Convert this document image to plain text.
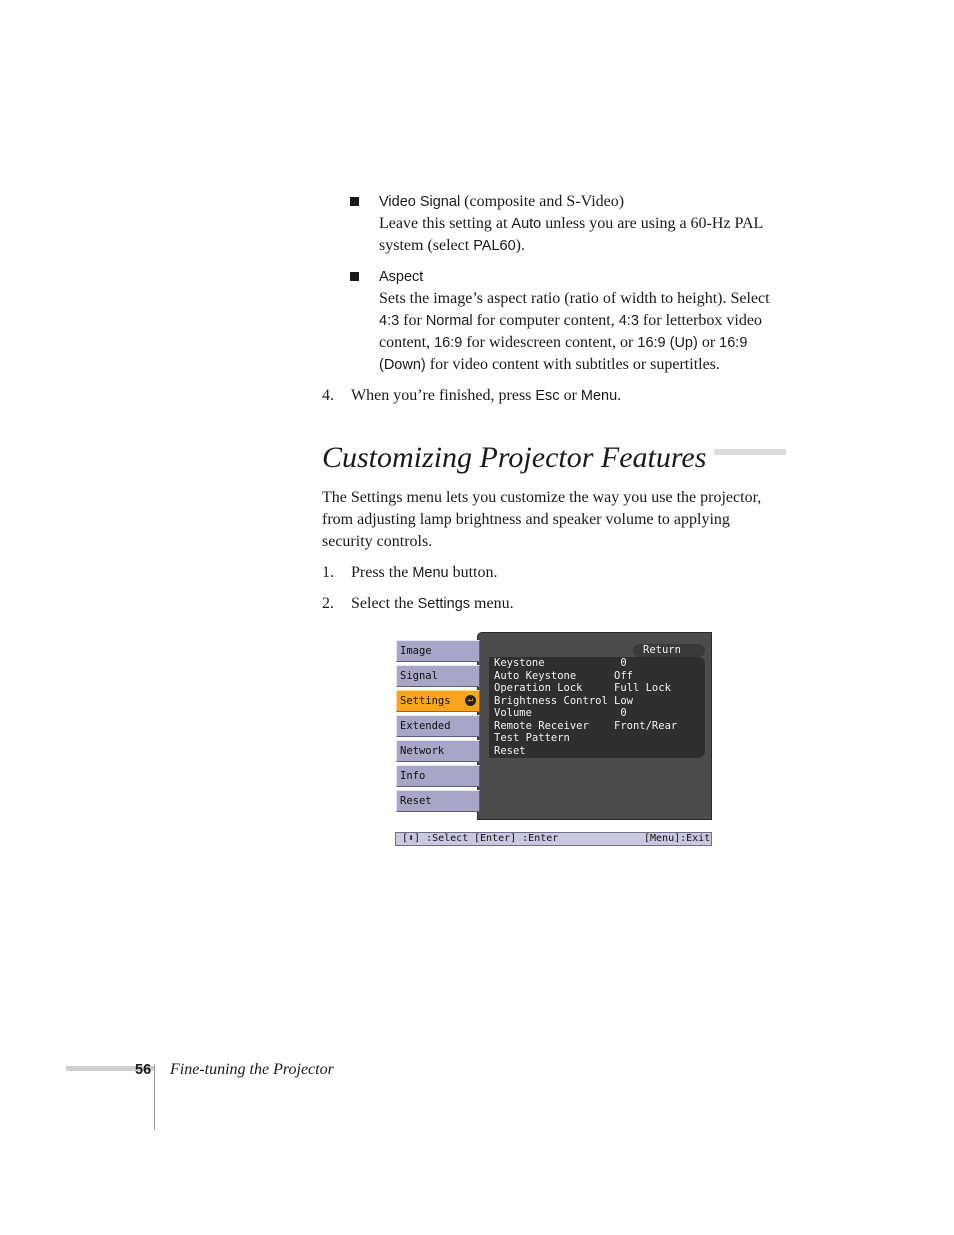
Video Signal (composite and S-Video)
Leave this setting at Auto unless you are using a 60-Hz PAL
system (select PAL60).
Aspect
Sets the image’s aspect ratio (ratio of width to height). Select
4:3 for Normal for computer content, 4:3 for letterbox video
content, 16:9 for widescreen content, or 16:9 (Up) or 16:9
(Down) for video content with subtitles or supertitles.
4. When you’re finished, press Esc or Menu.
Customizing Projector Features
The Settings menu lets you customize the way you use the projector,
from adjusting lamp brightness and speaker volume to applying
security controls.
1. Press the Menu button.
2. Select the Settings menu.
Image
Signal
Settings	↵
Extended
Network
Info
Reset
Return
Keystone	0
Auto Keystone	Off
Operation Lock	Full Lock
Brightness Control Low
Volume	0
Remote Receiver Front/Rear
Test Pattern
Reset
[⬍] :Select [Enter] :Enter	[Menu]:Exit
56 Fine-tuning the Projector
